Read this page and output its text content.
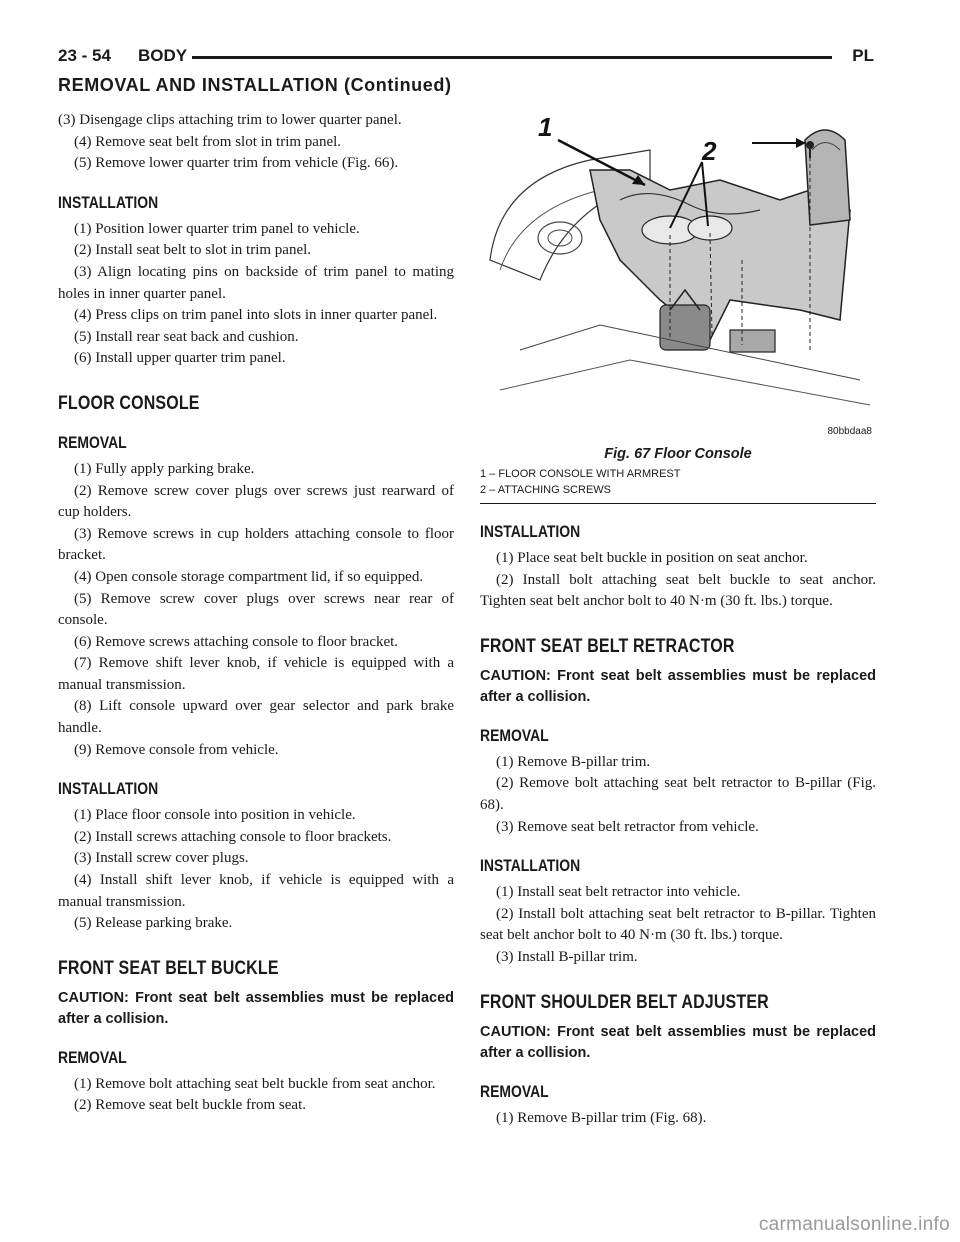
23 - 54 BODY	PL
REMOVAL AND INSTALLATION (Continued)

(3) Disengage clips attaching trim to lower quarter panel.

(4) Remove seat belt from slot in trim panel.

(5) Remove lower quarter trim from vehicle (Fig. 66).

INSTALLATION

(1) Position lower quarter trim panel to vehicle.

(2) Install seat belt to slot in trim panel.

(3) Align locating pins on backside of trim panel to mating holes in inner quarter panel.

(4) Press clips on trim panel into slots in inner quarter panel.

(5) Install rear seat back and cushion.

(6) Install upper quarter trim panel.

FLOOR CONSOLE
REMOVAL

(1) Fully apply parking brake.

(2) Remove screw cover plugs over screws just rearward of cup holders.

(3) Remove screws in cup holders attaching console to floor bracket.

(4) Open console storage compartment lid, if so equipped.

(5) Remove screw cover plugs over screws near rear of console.

(6) Remove screws attaching console to floor bracket.

(7) Remove shift lever knob, if vehicle is equipped with a manual transmission.

(8) Lift console upward over gear selector and park brake handle.

(9) Remove console from vehicle.

INSTALLATION

(1) Place floor console into position in vehicle.

(2) Install screws attaching console to floor brackets.

(3) Install screw cover plugs.

(4) Install shift lever knob, if vehicle is equipped with a manual transmission.

(5) Release parking brake.

FRONT SEAT BELT BUCKLE

CAUTION: Front seat belt assemblies must be replaced after a collision.

REMOVAL

(1) Remove bolt attaching seat belt buckle from seat anchor.

(2) Remove seat belt buckle from seat.

1
2
80bbdaa8
Fig. 67 Floor Console
1 – FLOOR CONSOLE WITH ARMREST
2 – ATTACHING SCREWS
INSTALLATION

(1) Place seat belt buckle in position on seat anchor.

(2) Install bolt attaching seat belt buckle to seat anchor. Tighten seat belt anchor bolt to 40 N·m (30 ft. lbs.) torque.

FRONT SEAT BELT RETRACTOR

CAUTION: Front seat belt assemblies must be replaced after a collision.

REMOVAL

(1) Remove B-pillar trim.

(2) Remove bolt attaching seat belt retractor to B-pillar (Fig. 68).

(3) Remove seat belt retractor from vehicle.

INSTALLATION

(1) Install seat belt retractor into vehicle.

(2) Install bolt attaching seat belt retractor to B-pillar. Tighten seat belt anchor bolt to 40 N·m (30 ft. lbs.) torque.

(3) Install B-pillar trim.

FRONT SHOULDER BELT ADJUSTER

CAUTION: Front seat belt assemblies must be replaced after a collision.

REMOVAL

(1) Remove B-pillar trim (Fig. 68).

carmanualsonline.info
